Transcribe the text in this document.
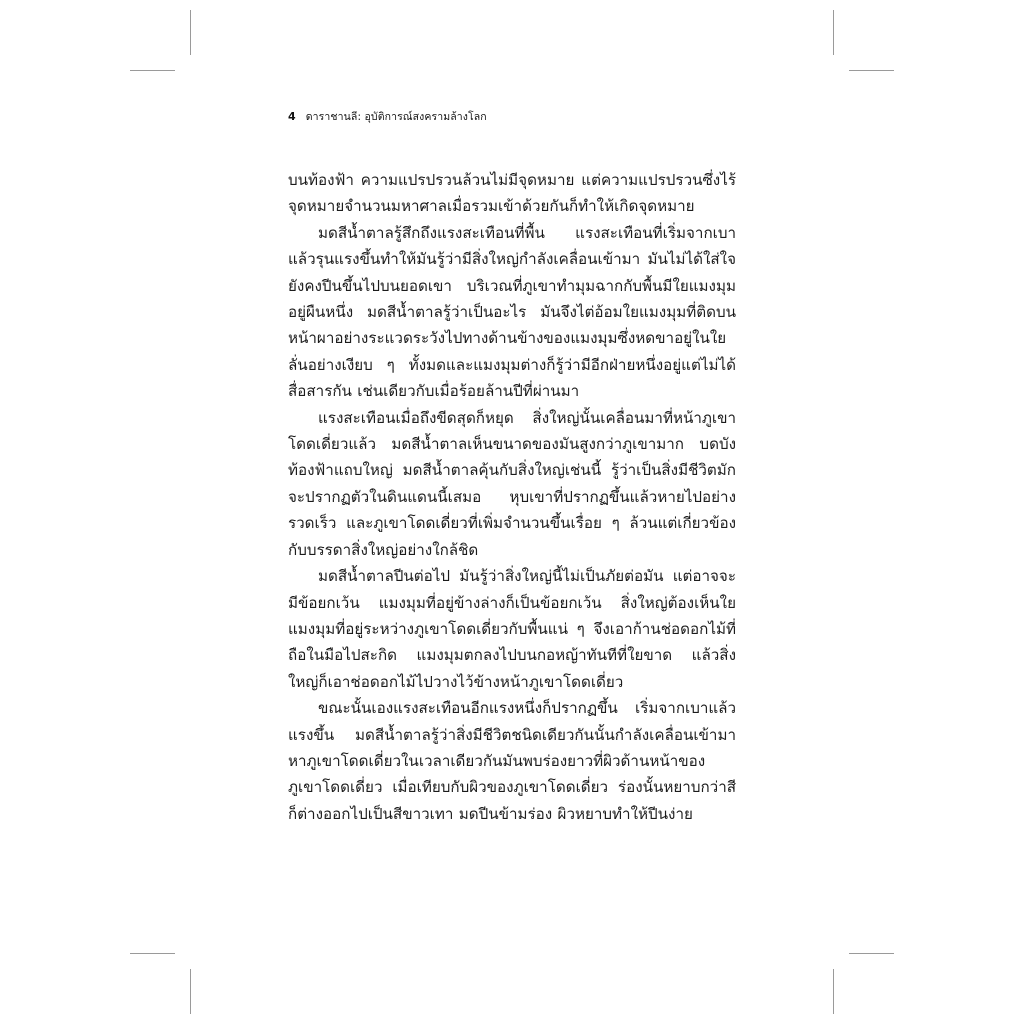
4 ดาราชานลี: อุบัติการณ์สงครามล้างโลก

บนท้องฟ้า ความแปรปรวนล้วนไม่มีจุดหมาย แต่ความแปรปรวนซึ่งไร้จุดหมายจำนวนมหาศาลเมื่อรวมเข้าด้วยกันก็ทำให้เกิดจุดหมาย

มดสีน้ำตาลรู้สึกถึงแรงสะเทือนที่พื้น แรงสะเทือนที่เริ่มจากเบาแล้วรุนแรงขึ้นทำให้มันรู้ว่ามีสิ่งใหญ่กำลังเคลื่อนเข้ามา มันไม่ได้ใส่ใจ ยังคงปีนขึ้นไปบนยอดเขา บริเวณที่ภูเขาทำมุมฉากกับพื้นมีใยแมงมุมอยู่ผืนหนึ่ง มดสีน้ำตาลรู้ว่าเป็นอะไร มันจึงไต่อ้อมใยแมงมุมที่ติดบนหน้าผาอย่างระแวดระวังไปทางด้านข้างของแมงมุมซึ่งหดขาอยู่ในใยลั่นอย่างเงียบ ๆ ทั้งมดและแมงมุมต่างก็รู้ว่ามีอีกฝ่ายหนึ่งอยู่แต่ไม่ได้สื่อสารกัน เช่นเดียวกับเมื่อร้อยล้านปีที่ผ่านมา

แรงสะเทือนเมื่อถึงขีดสุดก็หยุด สิ่งใหญ่นั้นเคลื่อนมาที่หน้าภูเขาโดดเดี่ยวแล้ว มดสีน้ำตาลเห็นขนาดของมันสูงกว่าภูเขามาก บดบังท้องฟ้าแถบใหญ่ มดสีน้ำตาลคุ้นกับสิ่งใหญ่เช่นนี้ รู้ว่าเป็นสิ่งมีชีวิตมักจะปรากฏตัวในดินแดนนี้เสมอ หุบเขาที่ปรากฏขึ้นแล้วหายไปอย่างรวดเร็ว และภูเขาโดดเดี่ยวที่เพิ่มจำนวนขึ้นเรื่อย ๆ ล้วนแต่เกี่ยวข้องกับบรรดาสิ่งใหญ่อย่างใกล้ชิด

มดสีน้ำตาลปีนต่อไป มันรู้ว่าสิ่งใหญ่นี้ไม่เป็นภัยต่อมัน แต่อาจจะมีข้อยกเว้น แมงมุมที่อยู่ข้างล่างก็เป็นข้อยกเว้น สิ่งใหญ่ต้องเห็นใยแมงมุมที่อยู่ระหว่างภูเขาโดดเดี่ยวกับพื้นแน่ ๆ จึงเอาก้านช่อดอกไม้ที่ถือในมือไปสะกิด แมงมุมตกลงไปบนกอหญ้าทันทีที่ใยขาด แล้วสิ่งใหญ่ก็เอาช่อดอกไม้ไปวางไว้ข้างหน้าภูเขาโดดเดี่ยว

ขณะนั้นเองแรงสะเทือนอีกแรงหนึ่งก็ปรากฏขึ้น เริ่มจากเบาแล้วแรงขึ้น มดสีน้ำตาลรู้ว่าสิ่งมีชีวิตชนิดเดียวกันนั้นกำลังเคลื่อนเข้ามาหาภูเขาโดดเดี่ยวในเวลาเดียวกันมันพบร่องยาวที่ผิวด้านหน้าของภูเขาโดดเดี่ยว เมื่อเทียบกับผิวของภูเขาโดดเดี่ยว ร่องนั้นหยาบกว่าสีก็ต่างออกไปเป็นสีขาวเทา มดปีนข้ามร่อง ผิวหยาบทำให้ปีนง่าย
